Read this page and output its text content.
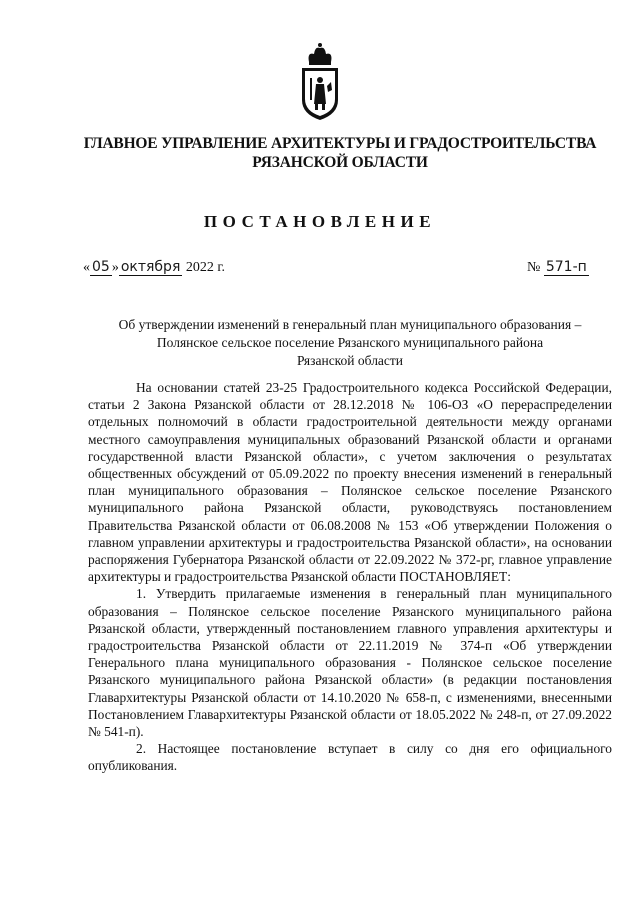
ГЛАВНОЕ УПРАВЛЕНИЕ АРХИТЕКТУРЫ И ГРАДОСТРОИТЕЛЬСТВА
РЯЗАНСКОЙ ОБЛАСТИ
ПОСТАНОВЛЕНИЕ
« 05 » октября 2022 г.	№ 571-п
Об утверждении изменений в генеральный план муниципального образования –
Полянское сельское поселение Рязанского муниципального района
Рязанской области

На основании статей 23-25 Градостроительного кодекса Российской Федерации, статьи 2 Закона Рязанской области от 28.12.2018 № 106-ОЗ «О перераспределении отдельных полномочий в области градостроительной деятельности между органами местного самоуправления муниципальных образований Рязанской области и органами государственной власти Рязанской области», с учетом заключения о результатах общественных обсуждений от 05.09.2022 по проекту внесения изменений в генеральный план муниципального образования – Полянское сельское поселение Рязанского муниципального района Рязанской области, руководствуясь постановлением Правительства Рязанской области от 06.08.2008 № 153 «Об утверждении Положения о главном управлении архитектуры и градостроительства Рязанской области», на основании распоряжения Губернатора Рязанской области от 22.09.2022 № 372-рг, главное управление архитектуры и градостроительства Рязанской области ПОСТАНОВЛЯЕТ:

1. Утвердить прилагаемые изменения в генеральный план муниципального образования – Полянское сельское поселение Рязанского муниципального района Рязанской области, утвержденный постановлением главного управления архитектуры и градостроительства Рязанской области от 22.11.2019 № 374-п «Об утверждении Генерального плана муниципального образования - Полянское сельское поселение Рязанского муниципального района Рязанской области» (в редакции постановления Главархитектуры Рязанской области от 14.10.2020 № 658-п, с изменениями, внесенными Постановлением Главархитектуры Рязанской области от 18.05.2022 № 248-п, от 27.09.2022 № 541-п).

2. Настоящее постановление вступает в силу со дня его официального опубликования.
